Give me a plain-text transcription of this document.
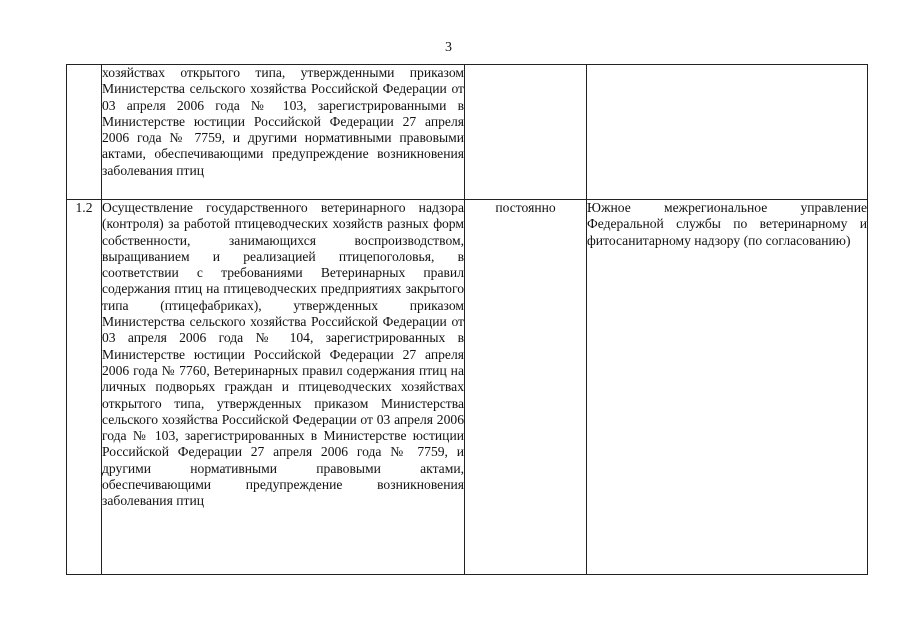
3

	хозяйствах открытого типа, утвержденными приказом Министерства сельского хозяйства Российской Федерации от 03 апреля 2006 года № 103, зарегистрированными в Министерстве юстиции Российской Федерации 27 апреля 2006 года № 7759, и другими нормативными правовыми актами, обеспечивающими предупреждение возникновения заболевания птиц		

1.2	Осуществление государственного ветеринарного надзора (контроля) за работой птицеводческих хозяйств разных форм собственности, занимающихся воспроизводством, выращиванием и реализацией птицепоголовья, в соответствии с требованиями Ветеринарных правил содержания птиц на птицеводческих предприятиях закрытого типа (птицефабриках), утвержденных приказом Министерства сельского хозяйства Российской Федерации от 03 апреля 2006 года № 104, зарегистрированных в Министерстве юстиции Российской Федерации 27 апреля 2006 года № 7760, Ветеринарных правил содержания птиц на личных подворьях граждан и птицеводческих хозяйствах открытого типа, утвержденных приказом Министерства сельского хозяйства Российской Федерации от 03 апреля 2006 года № 103, зарегистрированных в Министерстве юстиции Российской Федерации 27 апреля 2006 года № 7759, и другими нормативными правовыми актами, обеспечивающими предупреждение возникновения заболевания птиц	постоянно	Южное межрегиональное управление Федеральной службы по ветеринарному и фитосанитарному надзору (по согласованию)
